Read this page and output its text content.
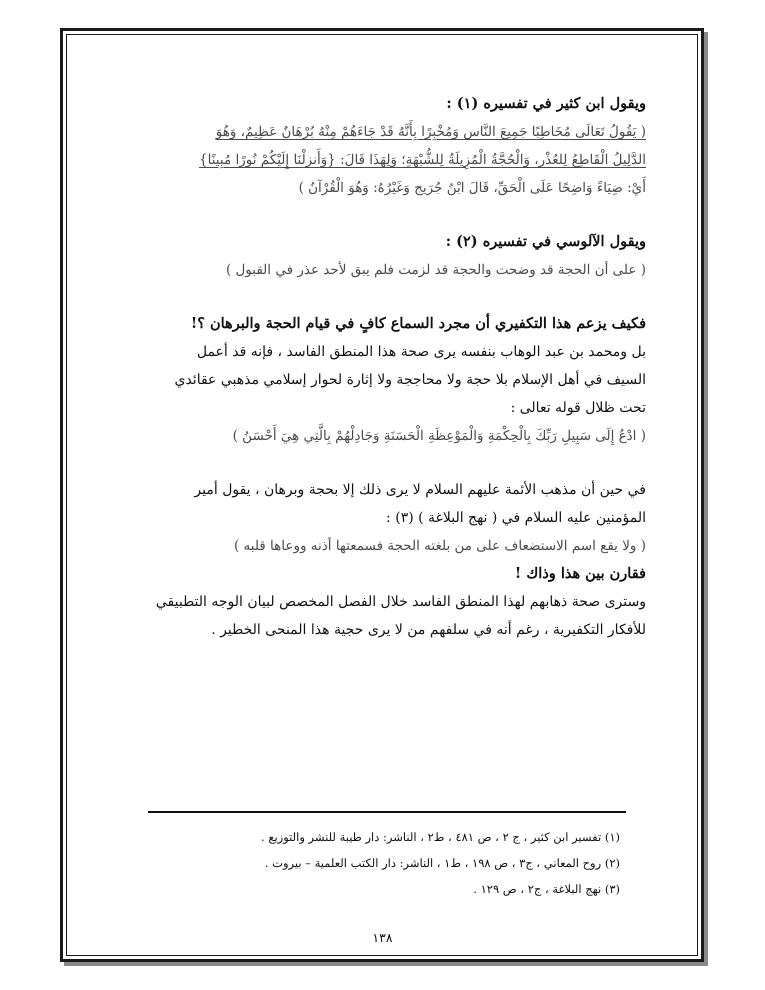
ويقول ابن كثير في تفسيره (١) :
( يَقُولُ تَعَالَى مُخَاطِبًا جَمِيعَ النَّاس وَمُخْبِرًا بِأَنَّهُ قَدْ جَاءَهُمْ مِنْهُ بُرْهَانٌ عَظِيمٌ، وَهُوَ
الدَّلِيلُ الْقَاطِعُ لِلعُذْر، وَالْحُجَّةُ الْمُزِيلَةُ لِلشُّبْهَةِ؛ وَلِهَذَا قَالَ: {وَأَنزلْنَا إِلَيْكُمْ نُورًا مُبِينًا}
أَيْ: ضِيَاءً وَاضِحًا عَلَى الْحَقِّ، قَالَ ابْنُ جُرَيج وَغَيْرُهُ: وَهُوَ الْقُرْآنُ )

ويقول الآلوسي في تفسيره (٢) :
( على أن الحجة قد وضحت والحجة قد لزمت فلم يبق لأحد عذر في القبول )

فكيف يزعم هذا التكفيري أن مجرد السماع كافٍ في قيام الحجة والبرهان ؟!
بل ومحمد بن عبد الوهاب بنفسه يرى صحة هذا المنطق الفاسد ، فإنه قد أعمل
السيف في أهل الإسلام بلا حجة ولا محاججة ولا إثارة لحوار إسلامي مذهبي عقائدي
تحت ظلال قوله تعالى :
( ادْعُ إِلَى سَبِيلِ رَبِّكَ بِالْحِكْمَةِ وَالْمَوْعِظَةِ الْحَسَنَةِ وَجَادِلْهُمْ بِالَّتِي هِيَ أَحْسَنُ )

في حين أن مذهب الأئمة عليهم السلام لا يرى ذلك إلا بحجة وبرهان ، يقول أمير
المؤمنين عليه السلام في ( نهج البلاغة ) (٣) :
( ولا يقع اسم الاستضعاف على من بلغته الحجة فسمعتها أذنه ووعاها قلبه )
فقارن بين هذا وذاك !
وسترى صحة ذهابهم لهذا المنطق الفاسد خلال الفصل المخصص لبيان الوجه التطبيقي
للأفكار التكفيرية ، رغم أنه في سلفهم من لا يرى حجية هذا المنحى الخطير .

(١) تفسير ابن كثير ، ج ٢ ، ص ٤٨١ ، ط٢ ، الناشر: دار طيبة للنشر والتوزيع .
(٢) روح المعاني ، ج٣ ، ص ١٩٨ ، ط١ ، الناشر: دار الكتب العلمية – بيروت .
(٣) نهج البلاغة ، ج٢ ، ص ١٢٩ .
١٣٨
